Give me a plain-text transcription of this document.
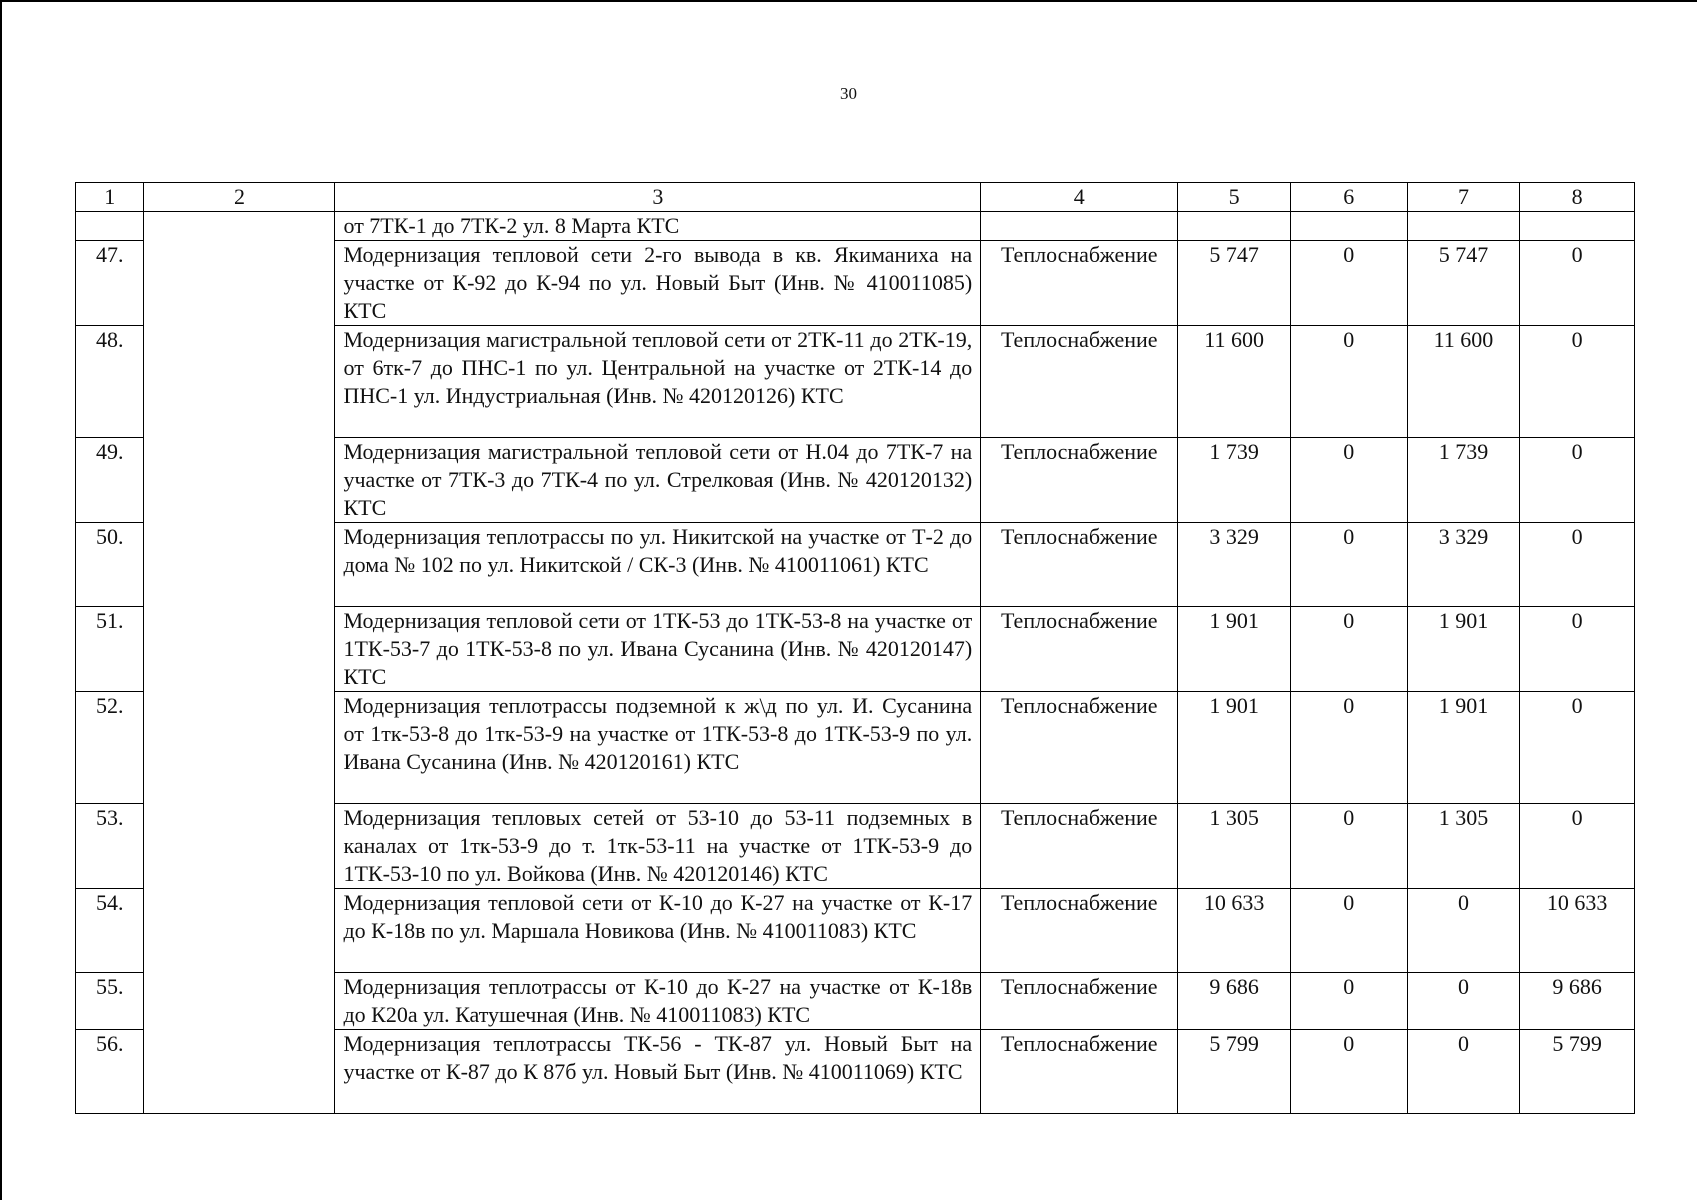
30
1	2	3	4	5	6	7	8
		от 7ТК-1 до 7ТК-2 ул. 8 Марта КТС					
47.		Модернизация тепловой сети 2-го вывода в кв. Якиманиха на участке от К-92 до К-94 по ул. Новый Быт (Инв. № 410011085) КТС	Теплоснабжение	5 747	0	5 747	0
48.		Модернизация магистральной тепловой сети от 2ТК-11 до 2ТК-19, от 6тк-7 до ПНС-1 по ул. Центральной на участке от 2ТК-14 до ПНС-1 ул. Индустриальная (Инв. № 420120126) КТС	Теплоснабжение	11 600	0	11 600	0
49.		Модернизация магистральной тепловой сети от Н.04 до 7ТК-7 на участке от 7ТК-3 до 7ТК-4 по ул. Стрелковая (Инв. № 420120132) КТС	Теплоснабжение	1 739	0	1 739	0
50.		Модернизация теплотрассы по ул. Никитской на участке от Т-2 до дома № 102 по ул. Никитской / СК-3 (Инв. № 410011061) КТС	Теплоснабжение	3 329	0	3 329	0
51.		Модернизация тепловой сети от 1ТК-53 до 1ТК-53-8 на участке от 1ТК-53-7 до 1ТК-53-8 по ул. Ивана Сусанина (Инв. № 420120147) КТС	Теплоснабжение	1 901	0	1 901	0
52.		Модернизация теплотрассы подземной к ж\д по ул. И. Сусанина от 1тк-53-8 до 1тк-53-9 на участке от 1ТК-53-8 до 1ТК-53-9 по ул. Ивана Сусанина (Инв. № 420120161) КТС	Теплоснабжение	1 901	0	1 901	0
53.		Модернизация тепловых сетей от 53-10 до 53-11 подземных в каналах от 1тк-53-9 до т. 1тк-53-11 на участке от 1ТК-53-9 до 1ТК-53-10 по ул. Войкова (Инв. № 420120146) КТС	Теплоснабжение	1 305	0	1 305	0
54.		Модернизация тепловой сети от К-10 до К-27 на участке от К-17 до К-18в по ул. Маршала Новикова (Инв. № 410011083) КТС	Теплоснабжение	10 633	0	0	10 633
55.		Модернизация теплотрассы от К-10 до К-27 на участке от К-18в до К20а ул. Катушечная (Инв. № 410011083) КТС	Теплоснабжение	9 686	0	0	9 686
56.		Модернизация теплотрассы ТК-56 - ТК-87 ул. Новый Быт на участке от К-87 до К 87б ул. Новый Быт (Инв. № 410011069) КТС	Теплоснабжение	5 799	0	0	5 799
